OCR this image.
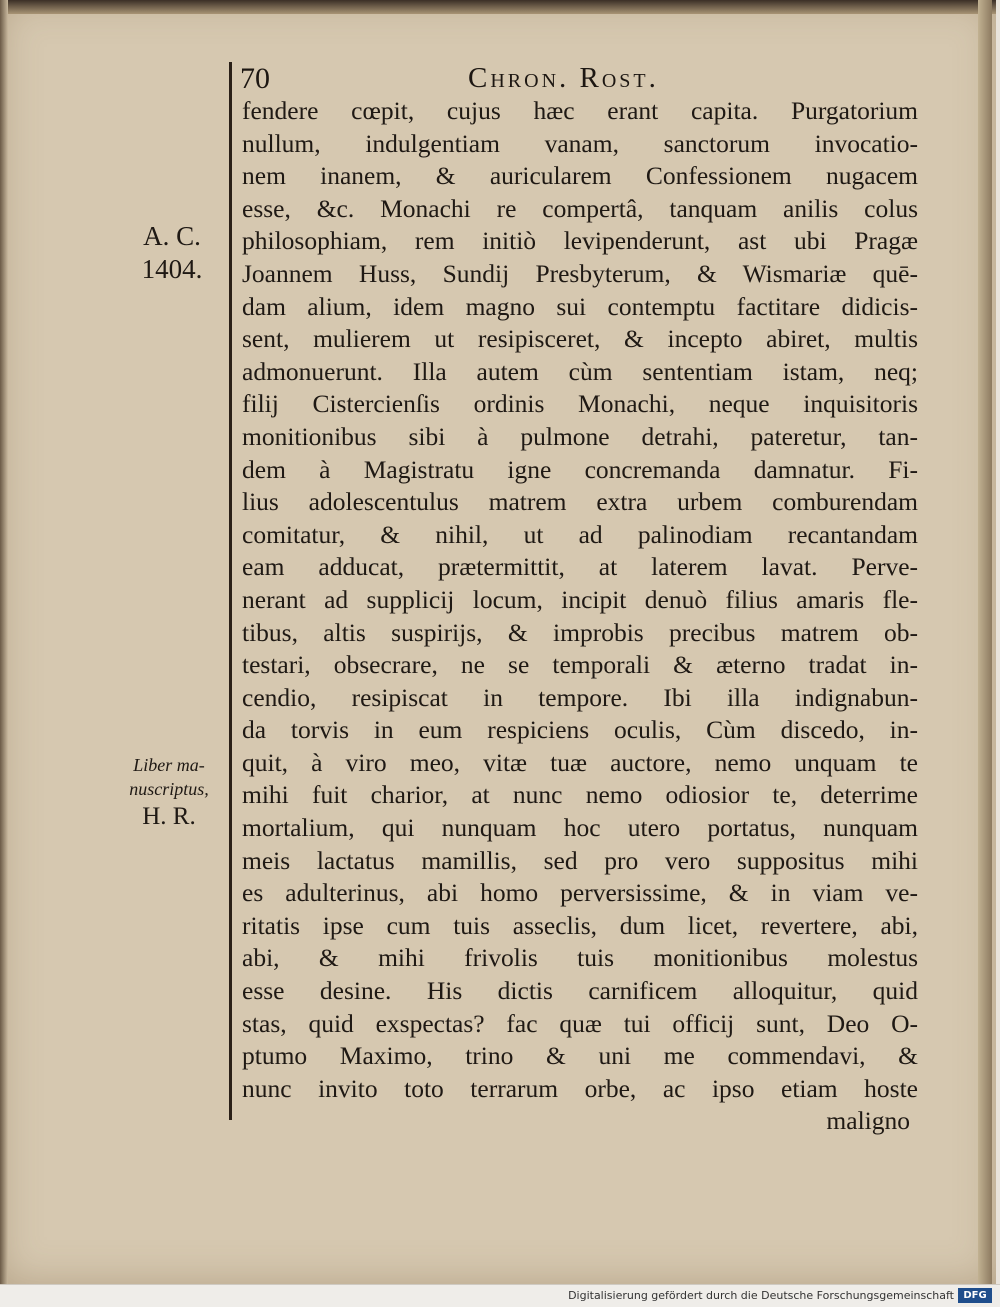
70	Chron. Rost.
A. C.
1404.
Liber ma-
nuscriptus,
H. R.
fendere cœpit, cujus hæc erant capita. Purgatorium
nullum, indulgentiam vanam, sanctorum invocatio-
nem inanem, & auricularem Confessionem nugacem
esse, &c. Monachi re compertâ, tanquam anilis colus
philosophiam, rem initiò levipenderunt, ast ubi Pragæ
Joannem Huss, Sundij Presbyterum, & Wismariæ quē-
dam alium, idem magno sui contemptu factitare didicis-
sent, mulierem ut resipisceret, & incepto abiret, multis
admonuerunt. Illa autem cùm sententiam istam, neq;
filij Cistercienſis ordinis Monachi, neque inquisitoris
monitionibus sibi à pulmone detrahi, pateretur, tan-
dem à Magistratu igne concremanda damnatur. Fi-
lius adolescentulus matrem extra urbem comburendam
comitatur, & nihil, ut ad palinodiam recantandam
eam adducat, prætermittit, at laterem lavat. Perve-
nerant ad supplicij locum, incipit denuò filius amaris fle-
tibus, altis suspirijs, & improbis precibus matrem ob-
testari, obsecrare, ne se temporali & æterno tradat in-
cendio, resipiscat in tempore. Ibi illa indignabun-
da torvis in eum respiciens oculis, Cùm discedo, in-
quit, à viro meo, vitæ tuæ auctore, nemo unquam te
mihi fuit charior, at nunc nemo odiosior te, deterrime
mortalium, qui nunquam hoc utero portatus, nunquam
meis lactatus mamillis, sed pro vero suppositus mihi
es adulterinus, abi homo perversissime, & in viam ve-
ritatis ipse cum tuis asseclis, dum licet, revertere, abi,
abi, & mihi frivolis tuis monitionibus molestus
esse desine. His dictis carnificem alloquitur, quid
stas, quid exspectas? fac quæ tui officij sunt, Deo O-
ptumo Maximo, trino & uni me commendavi, &
nunc invito toto terrarum orbe, ac ipso etiam hoste
maligno
Digitalisierung gefördert durch die Deutsche Forschungsgemeinschaft DFG
